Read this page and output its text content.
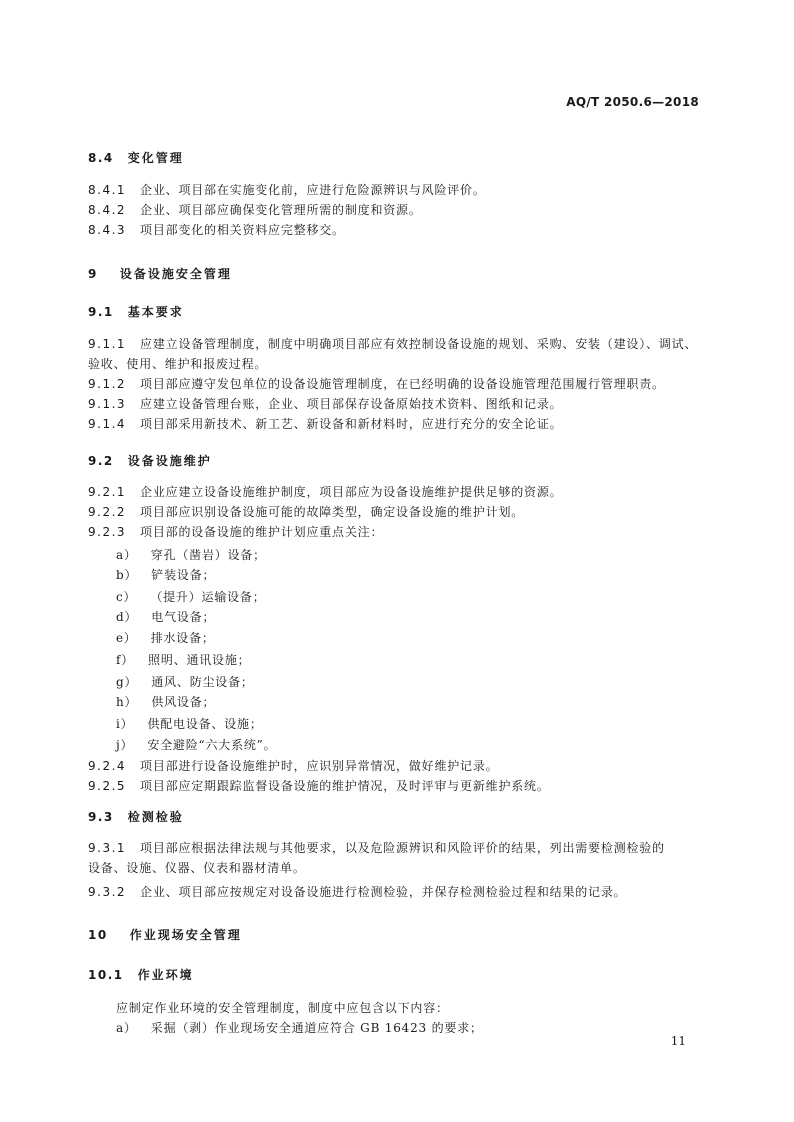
AQ/T 2050.6—2018
8.4 变化管理
8.4.1 企业、项目部在实施变化前，应进行危险源辨识与风险评价。
8.4.2 企业、项目部应确保变化管理所需的制度和资源。
8.4.3 项目部变化的相关资料应完整移交。
9 设备设施安全管理
9.1 基本要求
9.1.1 应建立设备管理制度，制度中明确项目部应有效控制设备设施的规划、采购、安装（建设）、调试、
验收、使用、维护和报废过程。
9.1.2 项目部应遵守发包单位的设备设施管理制度，在已经明确的设备设施管理范围履行管理职责。
9.1.3 应建立设备管理台账，企业、项目部保存设备原始技术资料、图纸和记录。
9.1.4 项目部采用新技术、新工艺、新设备和新材料时，应进行充分的安全论证。
9.2 设备设施维护
9.2.1 企业应建立设备设施维护制度，项目部应为设备设施维护提供足够的资源。
9.2.2 项目部应识别设备设施可能的故障类型，确定设备设施的维护计划。
9.2.3 项目部的设备设施的维护计划应重点关注：
a） 穿孔（凿岩）设备；
b） 铲装设备；
c） （提升）运输设备；
d） 电气设备；
e） 排水设备；
f） 照明、通讯设施；
g） 通风、防尘设备；
h） 供风设备；
i） 供配电设备、设施；
j） 安全避险“六大系统”。
9.2.4 项目部进行设备设施维护时，应识别异常情况，做好维护记录。
9.2.5 项目部应定期跟踪监督设备设施的维护情况，及时评审与更新维护系统。
9.3 检测检验
9.3.1 项目部应根据法律法规与其他要求，以及危险源辨识和风险评价的结果，列出需要检测检验的
设备、设施、仪器、仪表和器材清单。
9.3.2 企业、项目部应按规定对设备设施进行检测检验，并保存检测检验过程和结果的记录。
10 作业现场安全管理
10.1 作业环境
应制定作业环境的安全管理制度，制度中应包含以下内容：
a） 采掘（剥）作业现场安全通道应符合 GB 16423 的要求；
11
